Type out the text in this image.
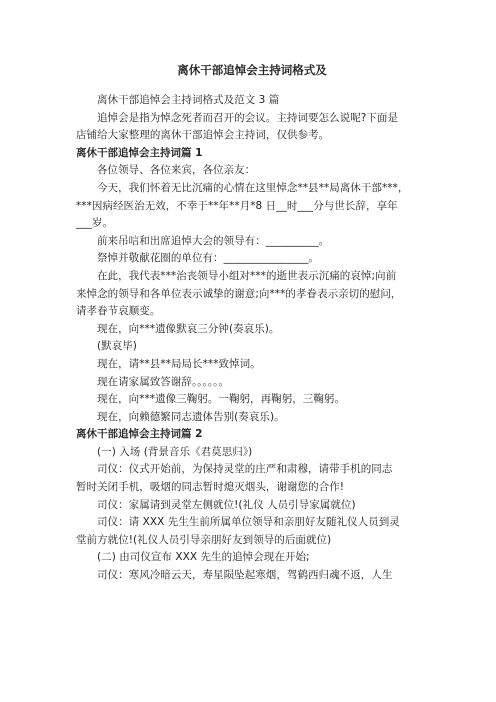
离休干部追悼会主持词格式及

离休干部追悼会主持词格式及范文 3 篇

追悼会是指为悼念死者而召开的会议。主持词要怎么说呢?下面是
店铺给大家整理的离休干部追悼会主持词，仅供参考。

离休干部追悼会主持词篇 1

各位领导、各位来宾，各位亲友：

今天，我们怀着无比沉痛的心情在这里悼念**县**局离休干部***，
***因病经医治无效，不幸于**年**月*8 日__时___分与世长辞，享年
___岁。

前来吊唁和出席追悼大会的领导有：__________。

祭悼并敬献花圈的单位有：________________。

在此，我代表***治丧领导小组对***的逝世表示沉痛的哀悼;向前
来悼念的领导和各单位表示诚挚的谢意;向***的孝眷表示亲切的慰问，
请孝眷节哀顺变。

现在，向***遗像默哀三分钟(奏哀乐)。

(默哀毕)

现在，请**县**局局长***致悼词。

现在请家属致答谢辞。。。。。。

现在，向***遗像三鞠躬。一鞠躬，再鞠躬，三鞠躬。

现在，向赖德繁同志遗体告别(奏哀乐)。

离休干部追悼会主持词篇 2

(一) 入场 (背景音乐《君莫思归》)

司仪：仪式开始前，为保持灵堂的庄严和肃穆，请带手机的同志
暂时关闭手机，吸烟的同志暂时熄灭烟头，谢谢您的合作!

司仪：家属请到灵堂左侧就位!(礼仪 人员引导家属就位)

司仪：请 XXX 先生生前所属单位领导和亲朋好友随礼仪人员到灵
堂前方就位!(礼仪人员引导亲朋好友到领导的后面就位)

(二) 由司仪宣布 XXX 先生的追悼会现在开始;

司仪：寒风冷暗云天，寿星陨坠起寒烟，驾鹤西归魂不返，人生
